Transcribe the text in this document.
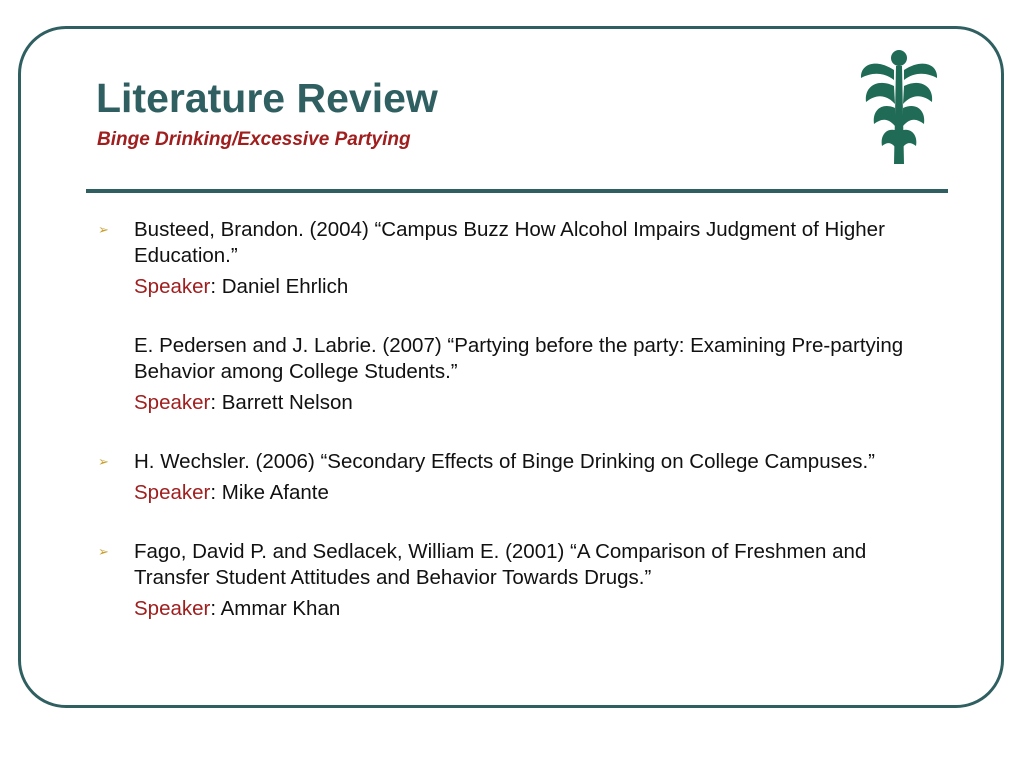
Literature Review
Binge Drinking/Excessive Partying
➢ Busteed, Brandon. (2004) “Campus Buzz How Alcohol Impairs Judgment of Higher Education.”
Speaker: Daniel Ehrlich
E. Pedersen and J. Labrie. (2007) “Partying before the party: Examining Pre-partying Behavior among College Students.”
Speaker: Barrett Nelson
➢ H. Wechsler. (2006) “Secondary Effects of Binge Drinking on College Campuses.”
Speaker: Mike Afante
➢ Fago, David P. and Sedlacek, William E. (2001) “A Comparison of Freshmen and Transfer Student Attitudes and Behavior Towards Drugs.”
Speaker: Ammar Khan
